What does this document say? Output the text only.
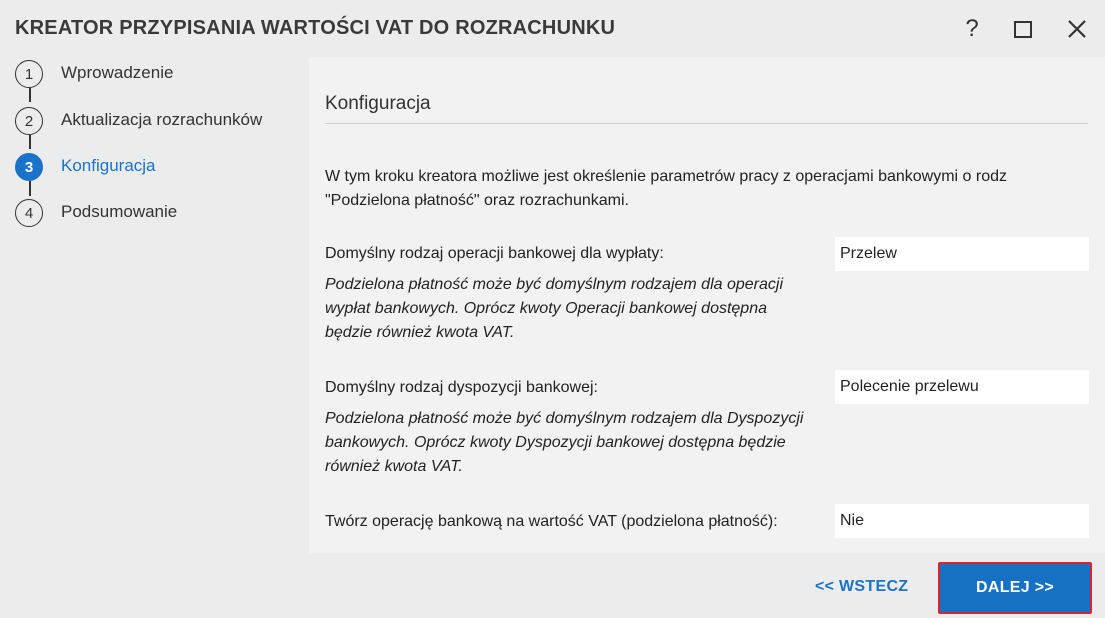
KREATOR PRZYPISANIA WARTOŚCI VAT DO ROZRACHUNKU	?
1	Wprowadzenie
2	Aktualizacja rozrachunków
3	Konfiguracja
4	Podsumowanie
Konfiguracja
W tym kroku kreatora możliwe jest określenie parametrów pracy z operacjami bankowymi o rodz
"Podzielona płatność" oraz rozrachunkami.
Domyślny rodzaj operacji bankowej dla wypłaty:
Podzielona płatność może być domyślnym rodzajem dla operacji wypłat bankowych. Oprócz kwoty Operacji bankowej dostępna będzie również kwota VAT.
Przelew
Domyślny rodzaj dyspozycji bankowej:
Podzielona płatność może być domyślnym rodzajem dla Dyspozycji bankowych. Oprócz kwoty Dyspozycji bankowej dostępna będzie również kwota VAT.
Polecenie przelewu
Twórz operację bankową na wartość VAT (podzielona płatność):	Nie
<< WSTECZ	DALEJ >>
